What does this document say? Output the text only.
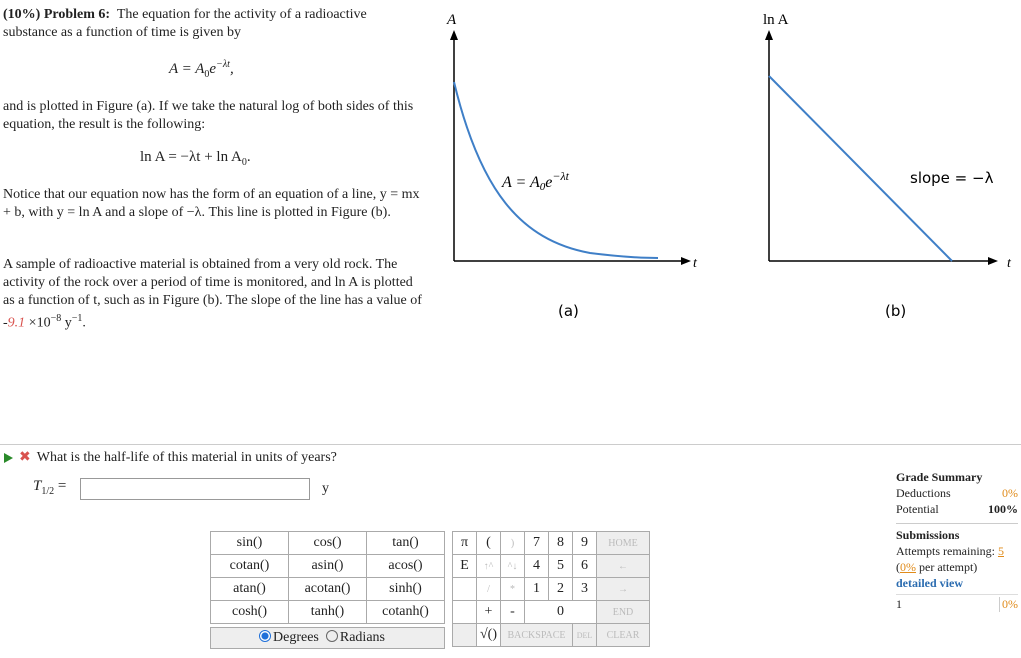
(10%) Problem 6: The equation for the activity of a radioactive substance as a function of time is given by

$A = A_0e^{-\lambda t}$,

and is plotted in Figure (a). If we take the natural log of both sides of this equation, the result is the following:

$\ln A = -\lambda t + \ln A_0$.

Notice that our equation now has the form of an equation of a line, y = mx + b, with y = ln A and a slope of −λ. This line is plotted in Figure (b).

A sample of radioactive material is obtained from a very old rock. The activity of the rock over a period of time is monitored, and ln A is plotted as a function of t, such as in Figure (b). The slope of the line has a value of $-9.1 \times 10^{-8}$ $y^{-1}$.

A
t
$A = A0e^{-\lambda t}$
(a)
ln A
t
slope = −λ
(b)
✖ What is the half-life of this material in units of years?
$T_{1/2}$ =	y
sin()	cos()	tan()
cotan()	asin()	acos()
atan()	acotan()	sinh()
cosh()	tanh()	cotanh()
Degrees Radians
π	(	)	7	8	9	HOME
E	↑^	^↓	4	5	6	←
	/	*	1	2	3	→
	+	-	0			END
	√()	BACKSPACE			DEL	CLEAR
Grade Summary
Deductions	0%
Potential	100%
Submissions
Attempts remaining: 5
(0% per attempt)
detailed view
1	0%
